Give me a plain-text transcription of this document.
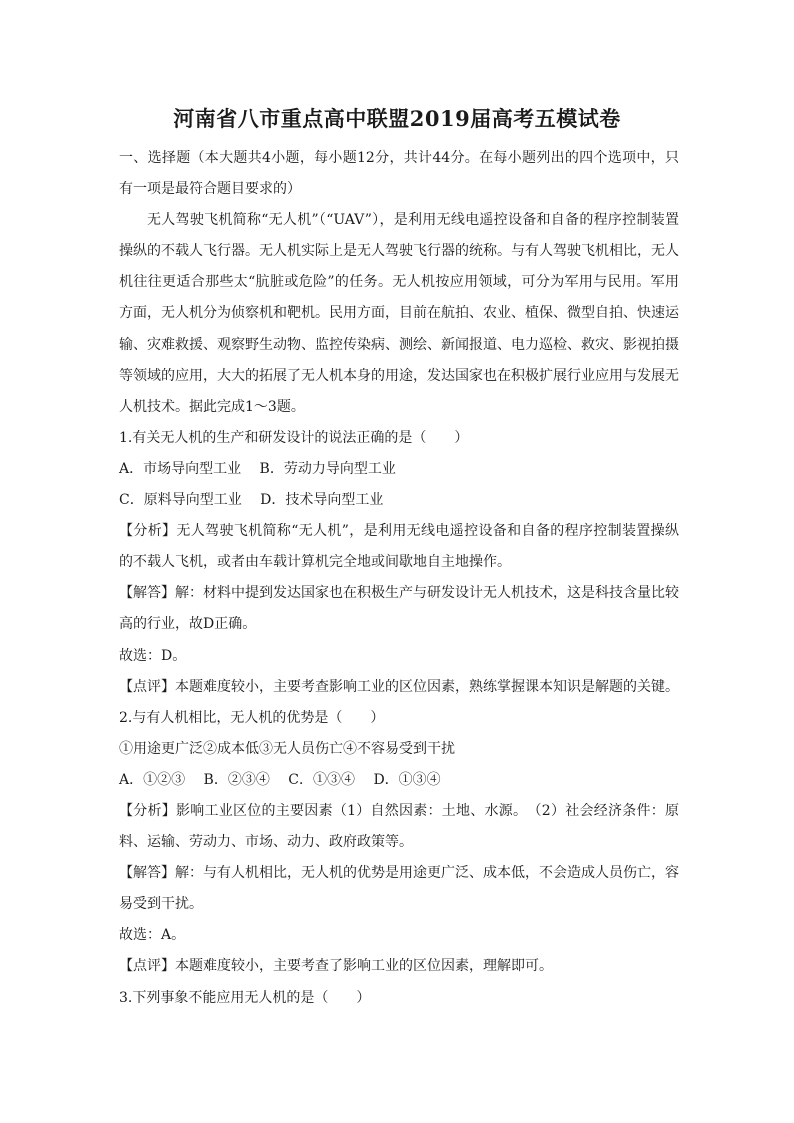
河南省八市重点高中联盟2019届高考五模试卷

一、选择题（本大题共4小题，每小题12分，共计44分。在每小题列出的四个选项中，只有一项是最符合题目要求的）

无人驾驶飞机简称“无人机”（“UAV”），是利用无线电遥控设备和自备的程序控制装置操纵的不载人飞行器。无人机实际上是无人驾驶飞行器的统称。与有人驾驶飞机相比，无人机往往更适合那些太“肮脏或危险”的任务。无人机按应用领域，可分为军用与民用。军用方面，无人机分为侦察机和靶机。民用方面，目前在航拍、农业、植保、微型自拍、快速运输、灾难救援、观察野生动物、监控传染病、测绘、新闻报道、电力巡检、救灾、影视拍摄等领域的应用，大大的拓展了无人机本身的用途，发达国家也在积极扩展行业应用与发展无人机技术。据此完成1～3题。

1.有关无人机的生产和研发设计的说法正确的是（　　）

A．市场导向型工业　 B．劳动力导向型工业

C．原料导向型工业　 D．技术导向型工业

【分析】无人驾驶飞机简称“无人机”，是利用无线电遥控设备和自备的程序控制装置操纵的不载人飞机，或者由车载计算机完全地或间歇地自主地操作。

【解答】解：材料中提到发达国家也在积极生产与研发设计无人机技术，这是科技含量比较高的行业，故D正确。

故选：D。

【点评】本题难度较小，主要考查影响工业的区位因素，熟练掌握课本知识是解题的关键。

2.与有人机相比，无人机的优势是（　　）

①用途更广泛②成本低③无人员伤亡④不容易受到干扰

A．①②③　 B．②③④　 C．①③④　 D．①③④

【分析】影响工业区位的主要因素（1）自然因素：土地、水源。　（2）社会经济条件：原料、运输、劳动力、市场、动力、政府政策等。

【解答】解：与有人机相比，无人机的优势是用途更广泛、成本低，不会造成人员伤亡，容易受到干扰。

故选：A。

【点评】本题难度较小，主要考查了影响工业的区位因素，理解即可。

3.下列事象不能应用无人机的是（　　）
